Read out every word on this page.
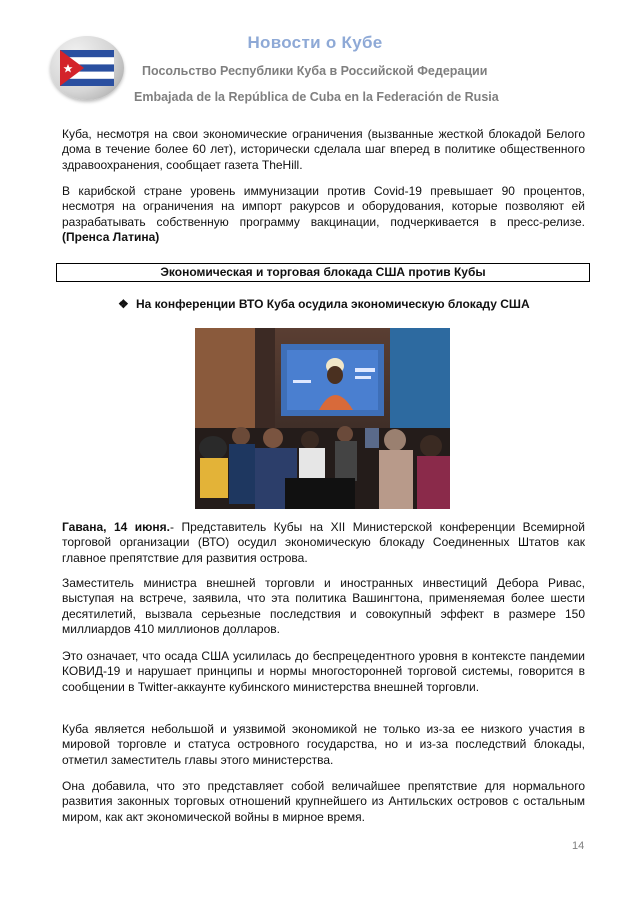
Новости о Кубе
Посольство Республики Куба в Российской Федерации
Embajada de la República de Cuba en la Federación de Rusia

Куба, несмотря на свои экономические ограничения (вызванные жесткой блокадой Белого дома в течение более 60 лет), исторически сделала шаг вперед в политике общественного здравоохранения, сообщает газета TheHill.

В карибской стране уровень иммунизации против Covid-19 превышает 90 процентов, несмотря на ограничения на импорт ракурсов и оборудования, которые позволяют ей разрабатывать собственную программу вакцинации, подчеркивается в пресс-релизе. (Пренса Латина)

Экономическая и торговая блокада США против Кубы
❖ На конференции ВТО Куба осудила экономическую блокаду США

Гавана, 14 июня.- Представитель Кубы на XII Министерской конференции Всемирной торговой организации (ВТО) осудил экономическую блокаду Соединенных Штатов как главное препятствие для развития острова.

Заместитель министра внешней торговли и иностранных инвестиций Дебора Ривас, выступая на встрече, заявила, что эта политика Вашингтона, применяемая более шести десятилетий, вызвала серьезные последствия и совокупный эффект в размере 150 миллиардов 410 миллионов долларов.

Это означает, что осада США усилилась до беспрецедентного уровня в контексте пандемии КОВИД-19 и нарушает принципы и нормы многосторонней торговой системы, говорится в сообщении в Twitter-аккаунте кубинского министерства внешней торговли.

Куба является небольшой и уязвимой экономикой не только из-за ее низкого участия в мировой торговле и статуса островного государства, но и из-за последствий блокады, отметил заместитель главы этого министерства.

Она добавила, что это представляет собой величайшее препятствие для нормального развития законных торговых отношений крупнейшего из Антильских островов с остальным миром, как акт экономической войны в мирное время.

14
